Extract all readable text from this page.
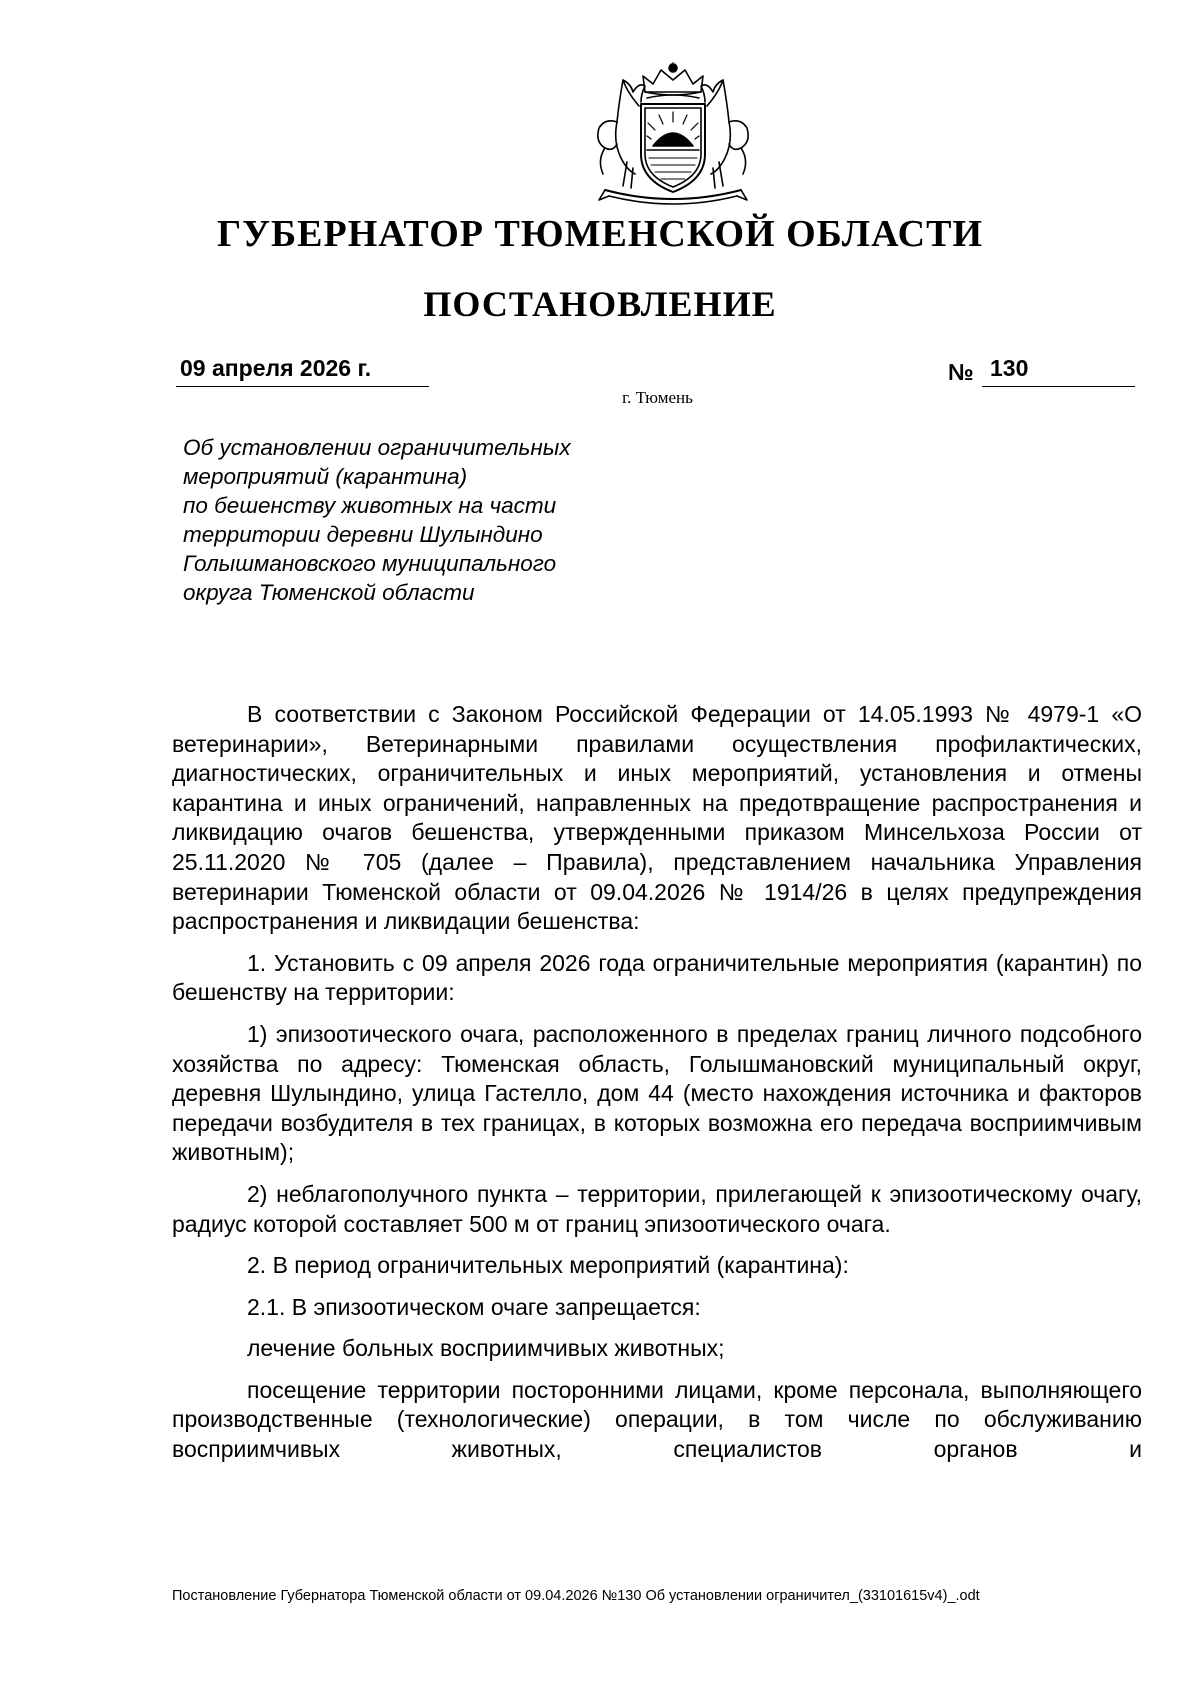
ГУБЕРНАТОР ТЮМЕНСКОЙ ОБЛАСТИ
ПОСТАНОВЛЕНИЕ
09 апреля 2026 г.	№ 130
г. Тюмень
Об установлении ограничительных
мероприятий (карантина)
по бешенству животных на части
территории деревни Шулындино
Голышмановского муниципального
округа Тюменской области

В соответствии с Законом Российской Федерации от 14.05.1993 № 4979-1 «О ветеринарии», Ветеринарными правилами осуществления профилактических, диагностических, ограничительных и иных мероприятий, установления и отмены карантина и иных ограничений, направленных на предотвращение распространения и ликвидацию очагов бешенства, утвержденными приказом Минсельхоза России от 25.11.2020 № 705 (далее – Правила), представлением начальника Управления ветеринарии Тюменской области от 09.04.2026 № 1914/26 в целях предупреждения распространения и ликвидации бешенства:

1. Установить с 09 апреля 2026 года ограничительные мероприятия (карантин) по бешенству на территории:

1) эпизоотического очага, расположенного в пределах границ личного подсобного хозяйства по адресу: Тюменская область, Голышмановский муниципальный округ, деревня Шулындино, улица Гастелло, дом 44 (место нахождения источника и факторов передачи возбудителя в тех границах, в которых возможна его передача восприимчивым животным);

2) неблагополучного пункта – территории, прилегающей к эпизоотическому очагу, радиус которой составляет 500 м от границ эпизоотического очага.

2. В период ограничительных мероприятий (карантина):

2.1. В эпизоотическом очаге запрещается:

лечение больных восприимчивых животных;

посещение территории посторонними лицами, кроме персонала, выполняющего производственные (технологические) операции, в том числе по обслуживанию восприимчивых животных, специалистов органов и

Постановление Губернатора Тюменской области от 09.04.2026 №130 Об установлении ограничител_(33101615v4)_.odt
